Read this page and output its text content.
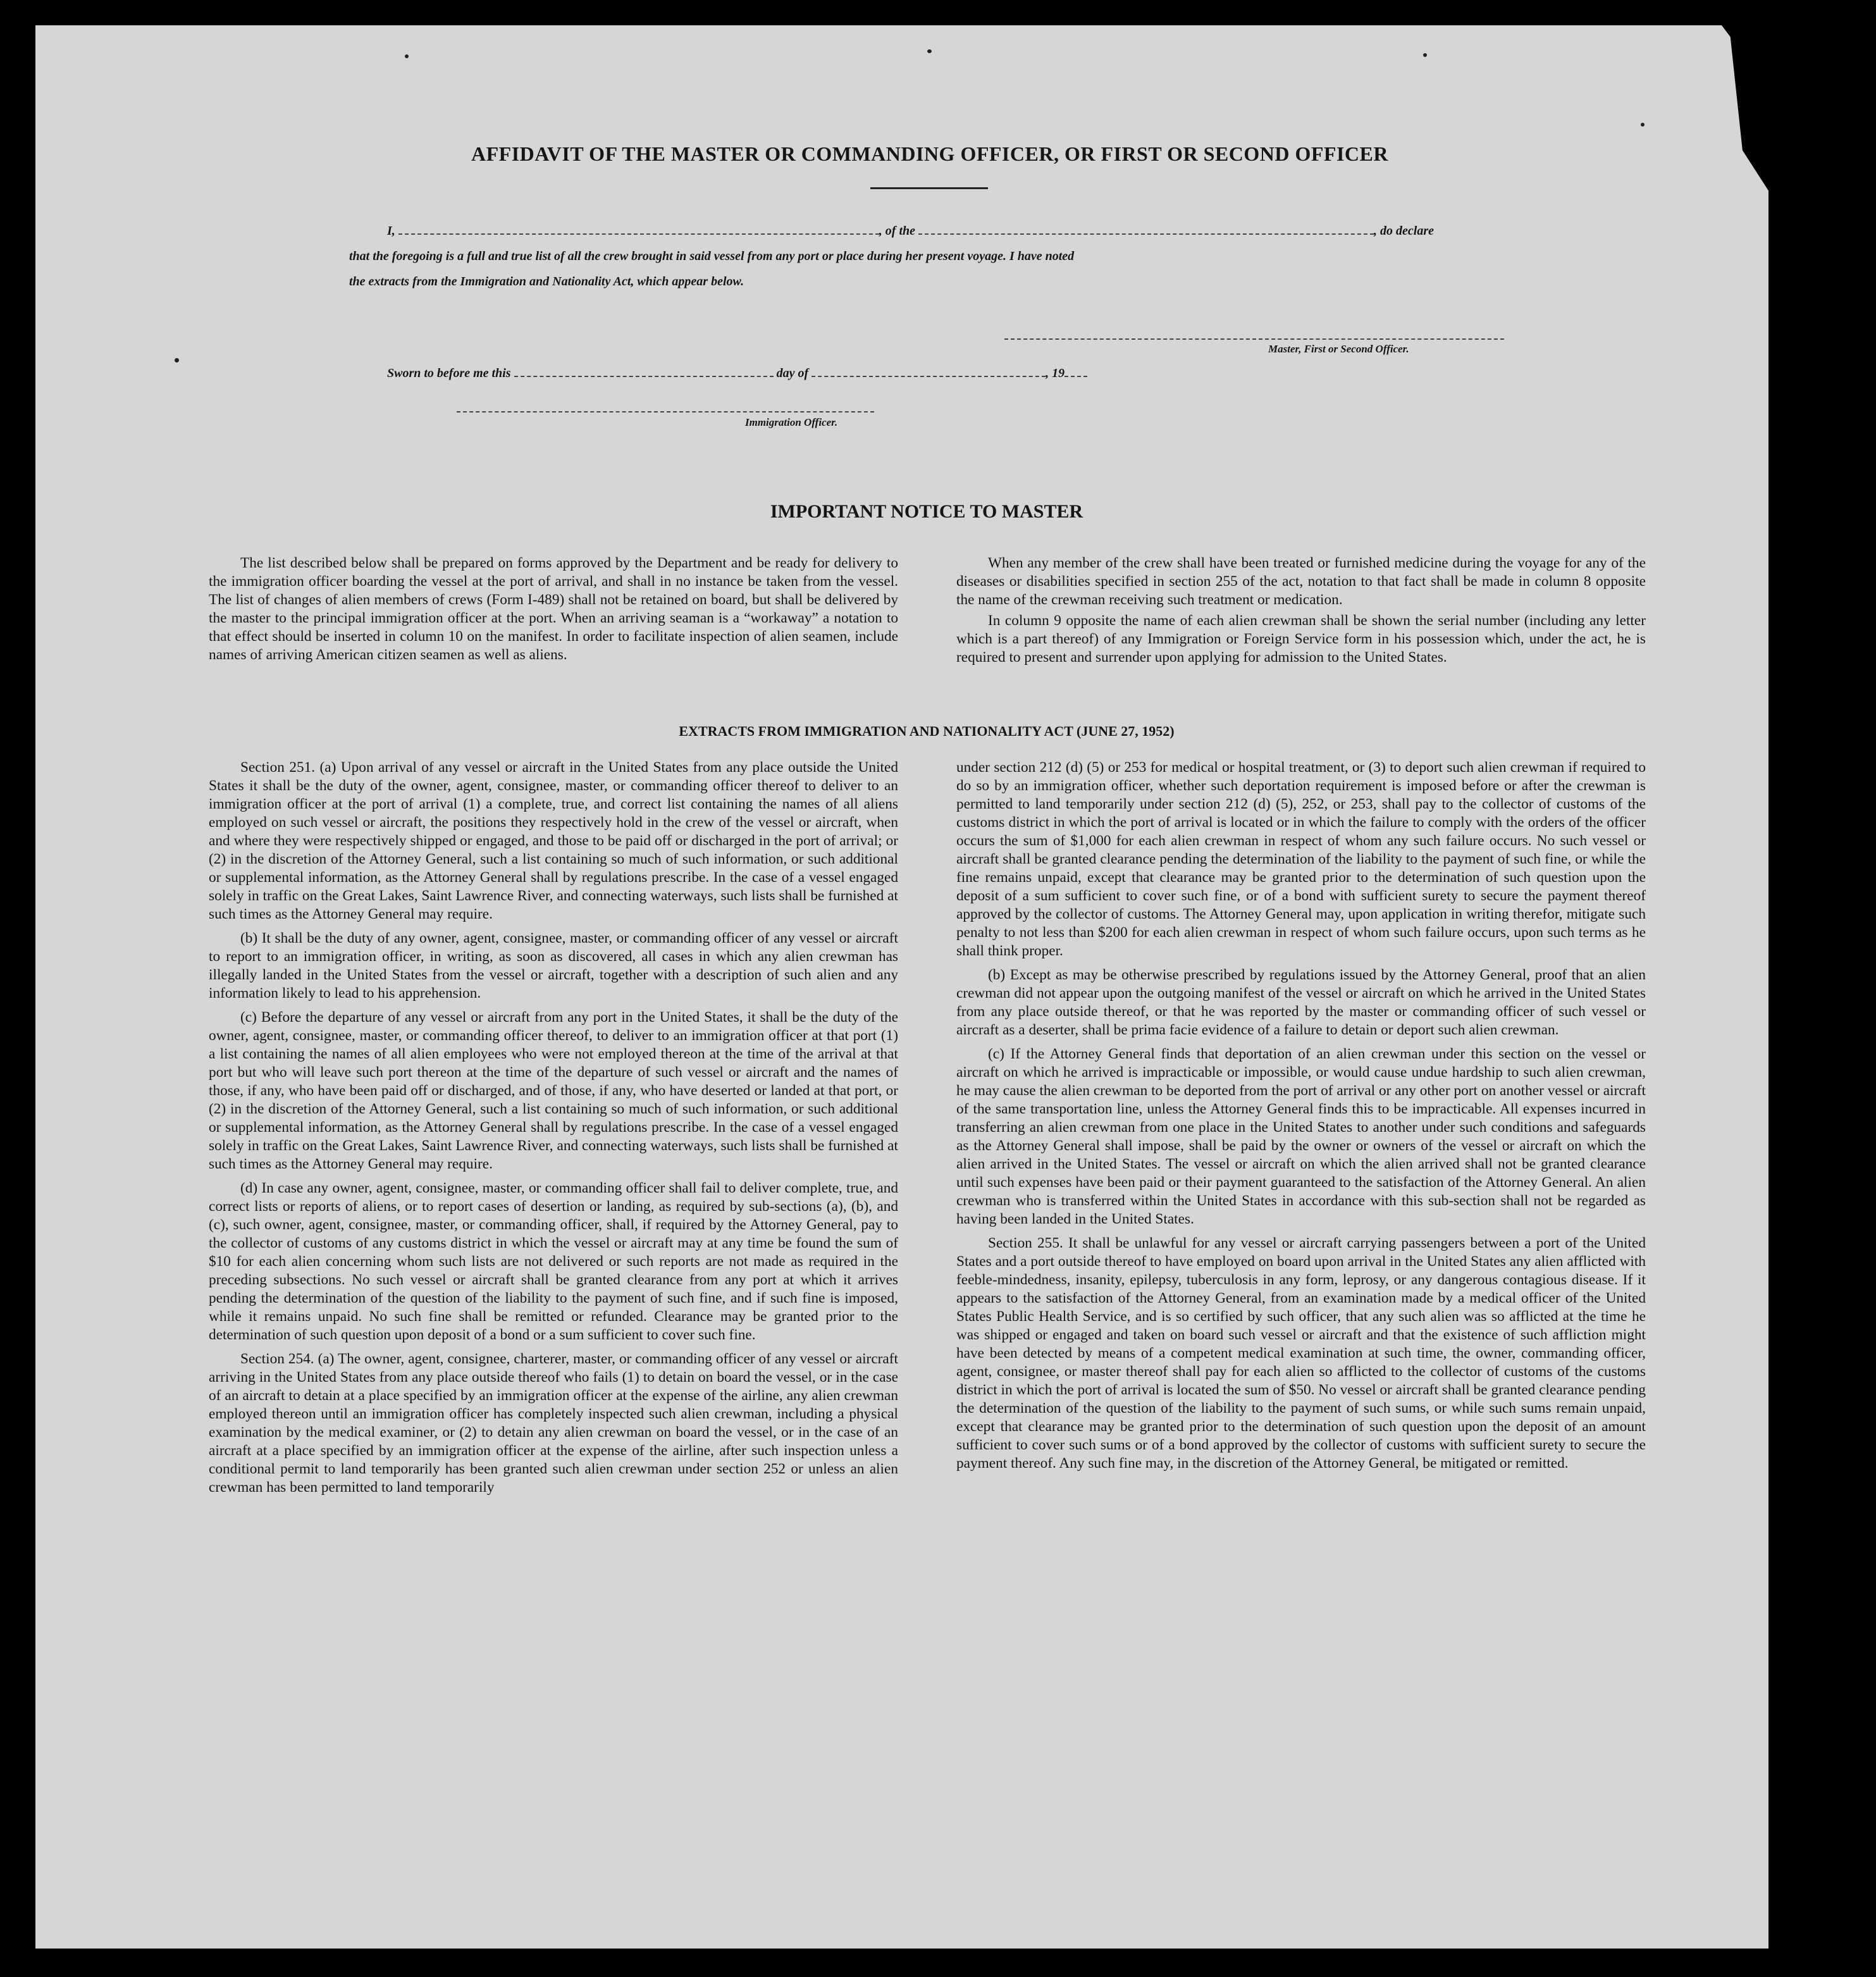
AFFIDAVIT OF THE MASTER OR COMMANDING OFFICER, OR FIRST OR SECOND OFFICER
I,	, of the	, do declare
that the foregoing is a full and true list of all the crew brought in said vessel from any port or place during her present voyage. I have noted
the extracts from the Immigration and Nationality Act, which appear below.
Master, First or Second Officer.
Sworn to before me this	day of	, 19
Immigration Officer.
IMPORTANT NOTICE TO MASTER

The list described below shall be prepared on forms approved by the Department and be ready for delivery to the immigration officer boarding the vessel at the port of arrival, and shall in no instance be taken from the vessel. The list of changes of alien members of crews (Form I-489) shall not be retained on board, but shall be delivered by the master to the principal immigration officer at the port. When an arriving seaman is a “workaway” a notation to that effect should be inserted in column 10 on the manifest. In order to facilitate inspection of alien seamen, include names of arriving American citizen seamen as well as aliens.

When any member of the crew shall have been treated or furnished medicine during the voyage for any of the diseases or disabilities specified in section 255 of the act, notation to that fact shall be made in column 8 opposite the name of the crewman receiving such treatment or medication.

In column 9 opposite the name of each alien crewman shall be shown the serial number (including any letter which is a part thereof) of any Immigration or Foreign Service form in his possession which, under the act, he is required to present and surrender upon applying for admission to the United States.

EXTRACTS FROM IMMIGRATION AND NATIONALITY ACT (JUNE 27, 1952)

Section 251. (a) Upon arrival of any vessel or aircraft in the United States from any place outside the United States it shall be the duty of the owner, agent, consignee, master, or commanding officer thereof to deliver to an immigration officer at the port of arrival (1) a complete, true, and correct list containing the names of all aliens employed on such vessel or aircraft, the positions they respectively hold in the crew of the vessel or aircraft, when and where they were respectively shipped or engaged, and those to be paid off or discharged in the port of arrival; or (2) in the discretion of the Attorney General, such a list containing so much of such information, or such additional or supplemental information, as the Attorney General shall by regulations prescribe. In the case of a vessel engaged solely in traffic on the Great Lakes, Saint Lawrence River, and connecting waterways, such lists shall be furnished at such times as the Attorney General may require.

(b) It shall be the duty of any owner, agent, consignee, master, or commanding officer of any vessel or aircraft to report to an immigration officer, in writing, as soon as discovered, all cases in which any alien crewman has illegally landed in the United States from the vessel or aircraft, together with a description of such alien and any information likely to lead to his apprehension.

(c) Before the departure of any vessel or aircraft from any port in the United States, it shall be the duty of the owner, agent, consignee, master, or commanding officer thereof, to deliver to an immigration officer at that port (1) a list containing the names of all alien employees who were not employed thereon at the time of the arrival at that port but who will leave such port thereon at the time of the departure of such vessel or aircraft and the names of those, if any, who have been paid off or discharged, and of those, if any, who have deserted or landed at that port, or (2) in the discretion of the Attorney General, such a list containing so much of such information, or such additional or supplemental information, as the Attorney General shall by regulations prescribe. In the case of a vessel engaged solely in traffic on the Great Lakes, Saint Lawrence River, and connecting waterways, such lists shall be furnished at such times as the Attorney General may require.

(d) In case any owner, agent, consignee, master, or commanding officer shall fail to deliver complete, true, and correct lists or reports of aliens, or to report cases of desertion or landing, as required by sub-sections (a), (b), and (c), such owner, agent, consignee, master, or commanding officer, shall, if required by the Attorney General, pay to the collector of customs of any customs district in which the vessel or aircraft may at any time be found the sum of $10 for each alien concerning whom such lists are not delivered or such reports are not made as required in the preceding subsections. No such vessel or aircraft shall be granted clearance from any port at which it arrives pending the determination of the question of the liability to the payment of such fine, and if such fine is imposed, while it remains unpaid. No such fine shall be remitted or refunded. Clearance may be granted prior to the determination of such question upon deposit of a bond or a sum sufficient to cover such fine.

Section 254. (a) The owner, agent, consignee, charterer, master, or commanding officer of any vessel or aircraft arriving in the United States from any place outside thereof who fails (1) to detain on board the vessel, or in the case of an aircraft to detain at a place specified by an immigration officer at the expense of the airline, any alien crewman employed thereon until an immigration officer has completely inspected such alien crewman, including a physical examination by the medical examiner, or (2) to detain any alien crewman on board the vessel, or in the case of an aircraft at a place specified by an immigration officer at the expense of the airline, after such inspection unless a conditional permit to land temporarily has been granted such alien crewman under section 252 or unless an alien crewman has been permitted to land temporarily

under section 212 (d) (5) or 253 for medical or hospital treatment, or (3) to deport such alien crewman if required to do so by an immigration officer, whether such deportation requirement is imposed before or after the crewman is permitted to land temporarily under section 212 (d) (5), 252, or 253, shall pay to the collector of customs of the customs district in which the port of arrival is located or in which the failure to comply with the orders of the officer occurs the sum of $1,000 for each alien crewman in respect of whom any such failure occurs. No such vessel or aircraft shall be granted clearance pending the determination of the liability to the payment of such fine, or while the fine remains unpaid, except that clearance may be granted prior to the determination of such question upon the deposit of a sum sufficient to cover such fine, or of a bond with sufficient surety to secure the payment thereof approved by the collector of customs. The Attorney General may, upon application in writing therefor, mitigate such penalty to not less than $200 for each alien crewman in respect of whom such failure occurs, upon such terms as he shall think proper.

(b) Except as may be otherwise prescribed by regulations issued by the Attorney General, proof that an alien crewman did not appear upon the outgoing manifest of the vessel or aircraft on which he arrived in the United States from any place outside thereof, or that he was reported by the master or commanding officer of such vessel or aircraft as a deserter, shall be prima facie evidence of a failure to detain or deport such alien crewman.

(c) If the Attorney General finds that deportation of an alien crewman under this section on the vessel or aircraft on which he arrived is impracticable or impossible, or would cause undue hardship to such alien crewman, he may cause the alien crewman to be deported from the port of arrival or any other port on another vessel or aircraft of the same transportation line, unless the Attorney General finds this to be impracticable. All expenses incurred in transferring an alien crewman from one place in the United States to another under such conditions and safeguards as the Attorney General shall impose, shall be paid by the owner or owners of the vessel or aircraft on which the alien arrived in the United States. The vessel or aircraft on which the alien arrived shall not be granted clearance until such expenses have been paid or their payment guaranteed to the satisfaction of the Attorney General. An alien crewman who is transferred within the United States in accordance with this sub-section shall not be regarded as having been landed in the United States.

Section 255. It shall be unlawful for any vessel or aircraft carrying passengers between a port of the United States and a port outside thereof to have employed on board upon arrival in the United States any alien afflicted with feeble-mindedness, insanity, epilepsy, tuberculosis in any form, leprosy, or any dangerous contagious disease. If it appears to the satisfaction of the Attorney General, from an examination made by a medical officer of the United States Public Health Service, and is so certified by such officer, that any such alien was so afflicted at the time he was shipped or engaged and taken on board such vessel or aircraft and that the existence of such affliction might have been detected by means of a competent medical examination at such time, the owner, commanding officer, agent, consignee, or master thereof shall pay for each alien so afflicted to the collector of customs of the customs district in which the port of arrival is located the sum of $50. No vessel or aircraft shall be granted clearance pending the determination of the question of the liability to the payment of such sums, or while such sums remain unpaid, except that clearance may be granted prior to the determination of such question upon the deposit of an amount sufficient to cover such sums or of a bond approved by the collector of customs with sufficient surety to secure the payment thereof. Any such fine may, in the discretion of the Attorney General, be mitigated or remitted.
